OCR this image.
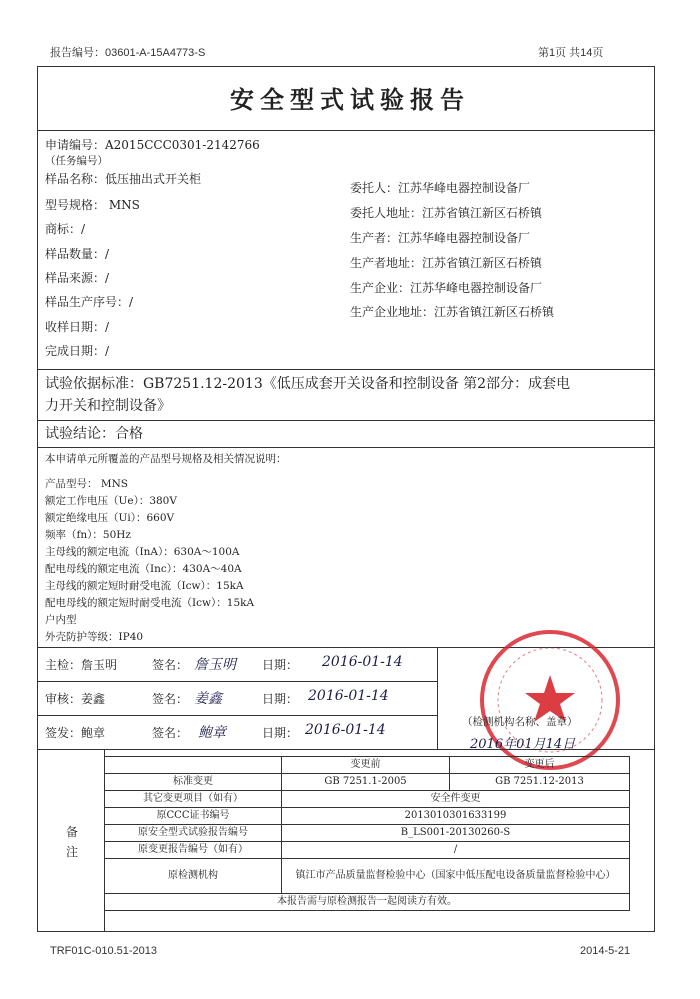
报告编号：03601-A-15A4773-S	第1页 共14页
安全型式试验报告
申请编号：A2015CCC0301-2142766
（任务编号）
样品名称：低压抽出式开关柜
型号规格： MNS
商标：/
样品数量：/
样品来源：/
样品生产序号：/
收样日期：/
完成日期：/
委托人：江苏华峰电器控制设备厂
委托人地址：江苏省镇江新区石桥镇
生产者：江苏华峰电器控制设备厂
生产者地址：江苏省镇江新区石桥镇
生产企业：江苏华峰电器控制设备厂
生产企业地址：江苏省镇江新区石桥镇
试验依据标准：GB7251.12-2013《低压成套开关设备和控制设备 第2部分：成套电
力开关和控制设备》
试验结论：合格
本申请单元所覆盖的产品型号规格及相关情况说明：
产品型号： MNS
额定工作电压（Ue）：380V
额定绝缘电压（Ui）：660V
频率（fn）：50Hz
主母线的额定电流（InA）：630A～100A
配电母线的额定电流（Inc）：430A～40A
主母线的额定短时耐受电流（Icw）：15kA
配电母线的额定短时耐受电流（Icw）：15kA
户内型
外壳防护等级：IP40
主检：詹玉明	签名： 詹玉明 日期： 2016-01-14
审核：姜鑫	签名： 姜鑫	日期： 2016-01-14
签发：鲍章	签名： 鲍章	日期： 2016-01-14	（检测机构名称、盖章）
2016年01月14日
备
注
	变更前	变更后
标准变更	GB 7251.1-2005	GB 7251.12-2013
其它变更项目（如有）	安全件变更	
原CCC证书编号	2013010301633199	
原安全型式试验报告编号	B_LS001-20130260-S	
原变更报告编号（如有）	/	
原检测机构	镇江市产品质量监督检验中心（国家中低压配电设备质量监督检验中心）	
本报告需与原检测报告一起阅读方有效。		
TRF01C-010.51-2013	2014-5-21
